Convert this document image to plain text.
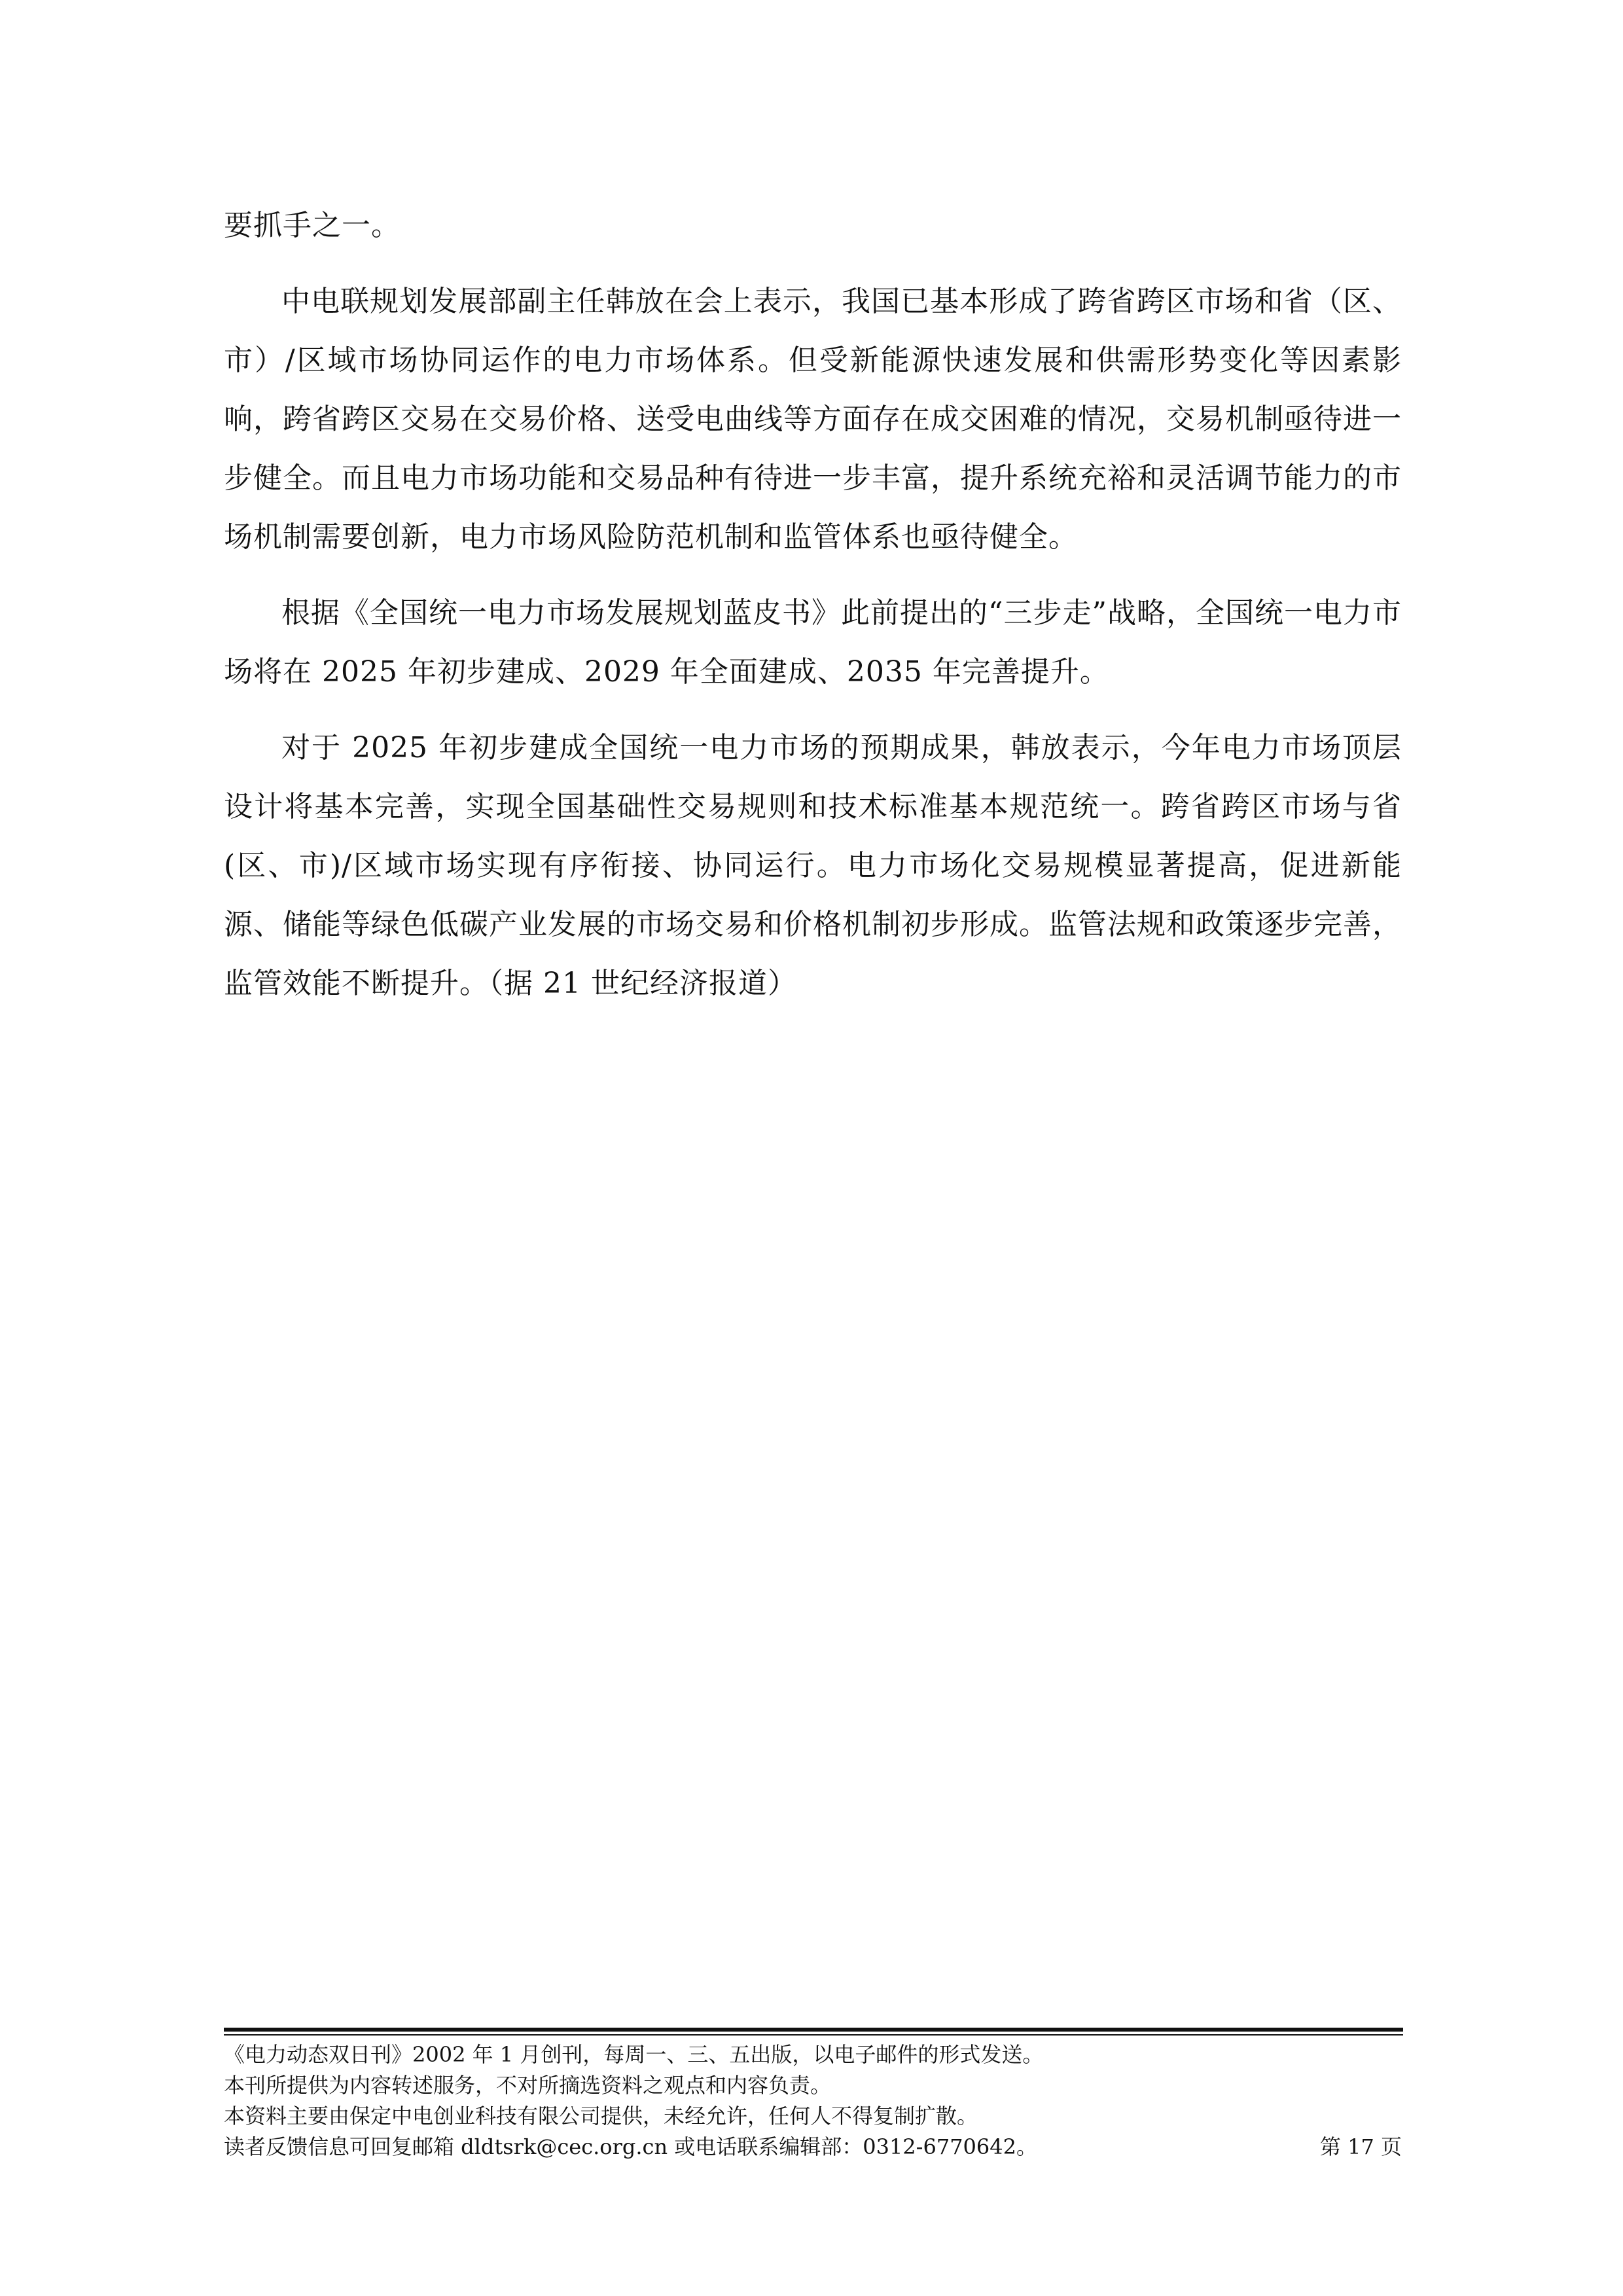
要抓手之一。

中电联规划发展部副主任韩放在会上表示，我国已基本形成了跨省跨区市场和省（区、市）/区域市场协同运作的电力市场体系。但受新能源快速发展和供需形势变化等因素影响，跨省跨区交易在交易价格、送受电曲线等方面存在成交困难的情况，交易机制亟待进一步健全。而且电力市场功能和交易品种有待进一步丰富，提升系统充裕和灵活调节能力的市场机制需要创新，电力市场风险防范机制和监管体系也亟待健全。

根据《全国统一电力市场发展规划蓝皮书》此前提出的“三步走”战略，全国统一电力市场将在 2025 年初步建成、2029 年全面建成、2035 年完善提升。

对于 2025 年初步建成全国统一电力市场的预期成果，韩放表示，今年电力市场顶层设计将基本完善，实现全国基础性交易规则和技术标准基本规范统一。跨省跨区市场与省(区、市)/区域市场实现有序衔接、协同运行。电力市场化交易规模显著提高，促进新能源、储能等绿色低碳产业发展的市场交易和价格机制初步形成。监管法规和政策逐步完善，监管效能不断提升。（据 21 世纪经济报道）

《电力动态双日刊》2002 年 1 月创刊，每周一、三、五出版，以电子邮件的形式发送。
本刊所提供为内容转述服务，不对所摘选资料之观点和内容负责。
本资料主要由保定中电创业科技有限公司提供，未经允许，任何人不得复制扩散。
读者反馈信息可回复邮箱 dldtsrk@cec.org.cn 或电话联系编辑部：0312-6770642。	第 17 页
